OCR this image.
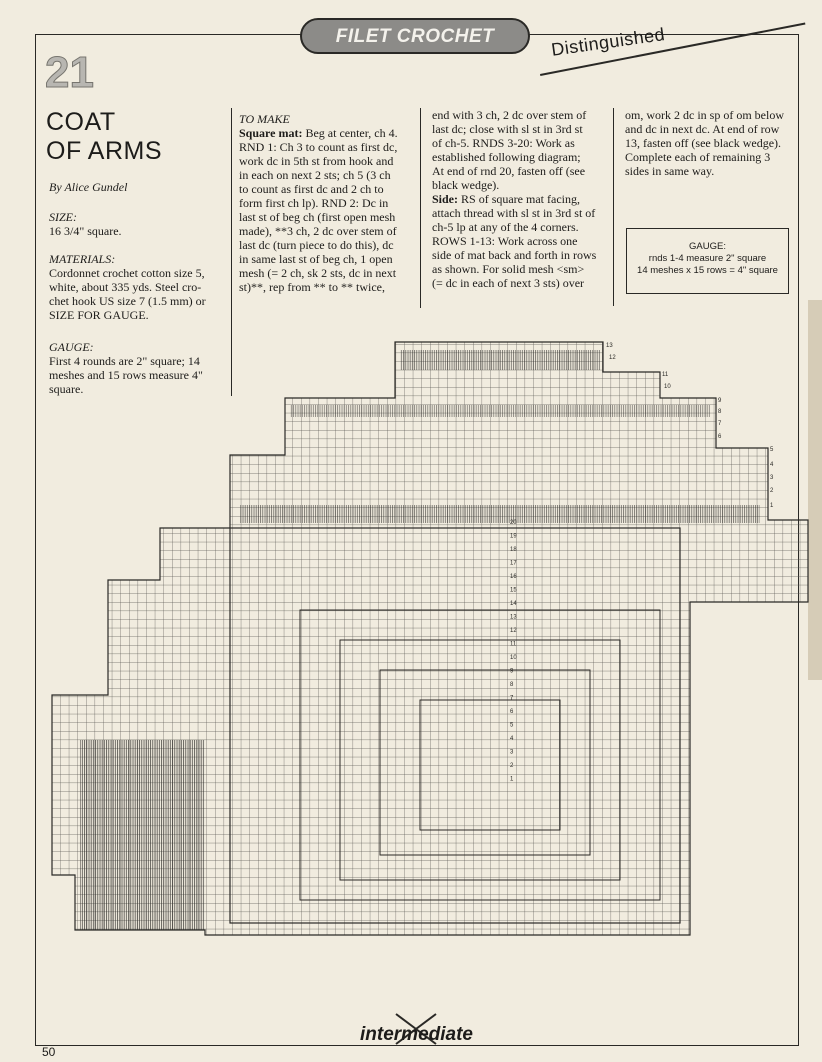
FILET CROCHET	Distinguished
21
COAT
OF ARMS
By Alice Gundel
SIZE:
16 3/4" square.
MATERIALS:
Cordonnet crochet cotton size 5,
white, about 335 yds. Steel cro-
chet hook US size 7 (1.5 mm) or
SIZE FOR GAUGE.
GAUGE:
First 4 rounds are 2" square; 14
meshes and 15 rows measure 4"
square.
TO MAKE
Square mat: Beg at center, ch 4.
RND 1: Ch 3 to count as first dc,
work dc in 5th st from hook and
in each on next 2 sts; ch 5 (3 ch
to count as first dc and 2 ch to
form first ch lp). RND 2: Dc in
last st of beg ch (first open mesh
made), **3 ch, 2 dc over stem of
last dc (turn piece to do this), dc
in same last st of beg ch, 1 open
mesh (= 2 ch, sk 2 sts, dc in next
st)**, rep from ** to ** twice,
end with 3 ch, 2 dc over stem of
last dc; close with sl st in 3rd st
of ch-5. RNDS 3-20: Work as
established following diagram;
At end of rnd 20, fasten off (see
black wedge).
Side: RS of square mat facing,
attach thread with sl st in 3rd st of
ch-5 lp at any of the 4 corners.
ROWS 1-13: Work across one
side of mat back and forth in rows
as shown. For solid mesh <sm>
(= dc in each of next 3 sts) over
om, work 2 dc in sp of om below
and dc in next dc. At end of row
13, fasten off (see black wedge).
Complete each of remaining 3
sides in same way.
GAUGE:
rnds 1-4 measure 2" square
14 meshes x 15 rows = 4" square
13
12
11
10
9
8
7
6
5
4
3
2
1
20
19
18
17
16
15
14
13
12
11
10
9
8
7
6
5
4
3
2
1
intermediate
50
